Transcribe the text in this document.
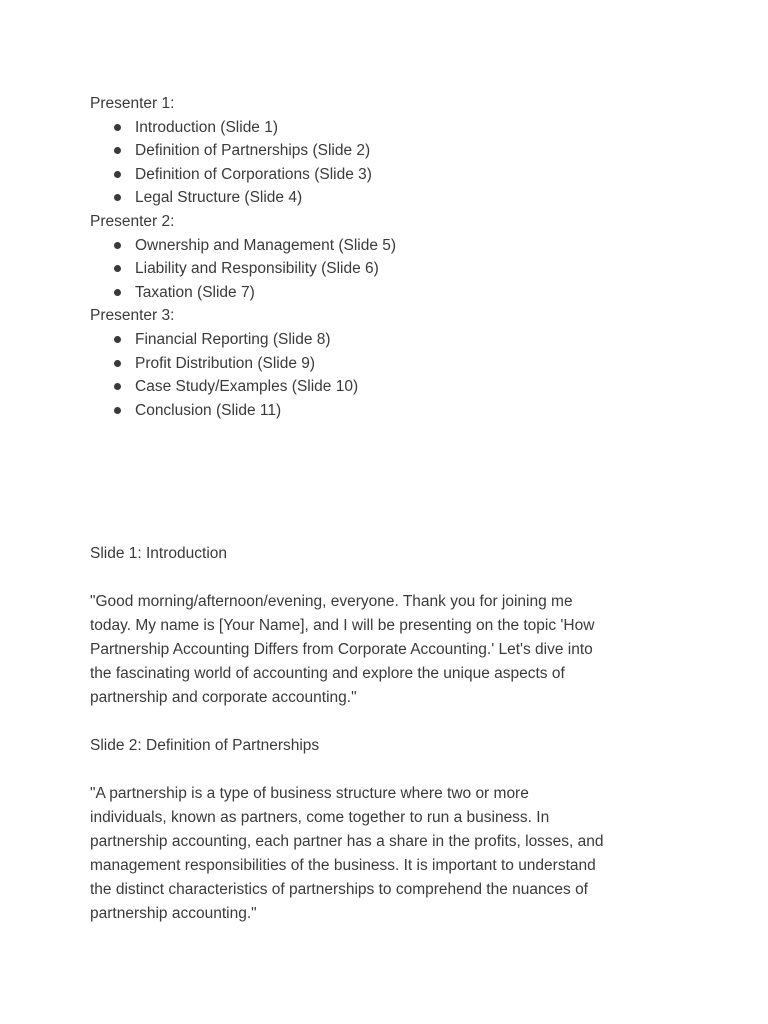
Presenter 1:

Introduction (Slide 1)
Definition of Partnerships (Slide 2)
Definition of Corporations (Slide 3)
Legal Structure (Slide 4)

Presenter 2:

Ownership and Management (Slide 5)
Liability and Responsibility (Slide 6)
Taxation (Slide 7)

Presenter 3:

Financial Reporting (Slide 8)
Profit Distribution (Slide 9)
Case Study/Examples (Slide 10)
Conclusion (Slide 11)

Slide 1: Introduction

"Good morning/afternoon/evening, everyone. Thank you for joining me
today. My name is [Your Name], and I will be presenting on the topic 'How
Partnership Accounting Differs from Corporate Accounting.' Let's dive into
the fascinating world of accounting and explore the unique aspects of
partnership and corporate accounting."

Slide 2: Definition of Partnerships

"A partnership is a type of business structure where two or more
individuals, known as partners, come together to run a business. In
partnership accounting, each partner has a share in the profits, losses, and
management responsibilities of the business. It is important to understand
the distinct characteristics of partnerships to comprehend the nuances of
partnership accounting."
